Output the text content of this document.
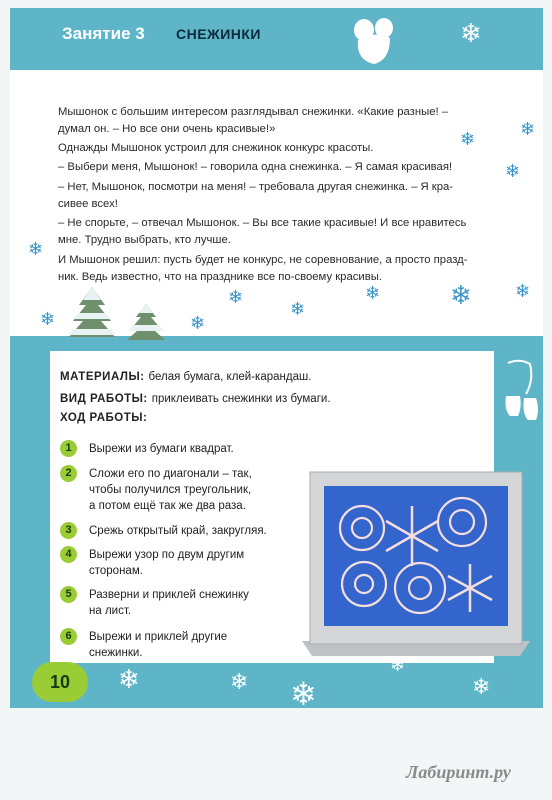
Занятие 3 СНЕЖИНКИ	❄

Мышонок с большим интересом разглядывал снежинки. «Какие разные! –

думал он. – Но все они очень красивые!»

Однажды Мышонок устроил для снежинок конкурс красоты.

– Выбери меня, Мышонок! – говорила одна снежинка. – Я самая красивая!

– Нет, Мышонок, посмотри на меня! – требовала другая снежинка. – Я кра-

сивее всех!

– Не спорьте, – отвечал Мышонок. – Вы все такие красивые! И все нравитесь

мне. Трудно выбрать, кто лучше.

И Мышонок решил: пусть будет не конкурс, не соревнование, а просто празд-

ник. Ведь известно, что на празднике все по-своему красивы.

❄ ❄
❄
❄
❄	❄
❄
❄
❄	❄ ❄
МАТЕРИАЛЫ: белая бумага, клей-карандаш.
ВИД РАБОТЫ: приклеивать снежинки из бумаги.
ХОД РАБОТЫ:
1	Вырежи из бумаги квадрат.
2	Сложи его по диагонали – так,
чтобы получился треугольник,
а потом ещё так же два раза.
3	Срежь открытый край, закругляя.
4	Вырежи узор по двум другим
сторонам.
5	Разверни и приклей снежинку
на лист.
6	Вырежи и приклей другие
снежинки.
10	❄	❄ ❄
❄
❄
Лабиринт.ру
